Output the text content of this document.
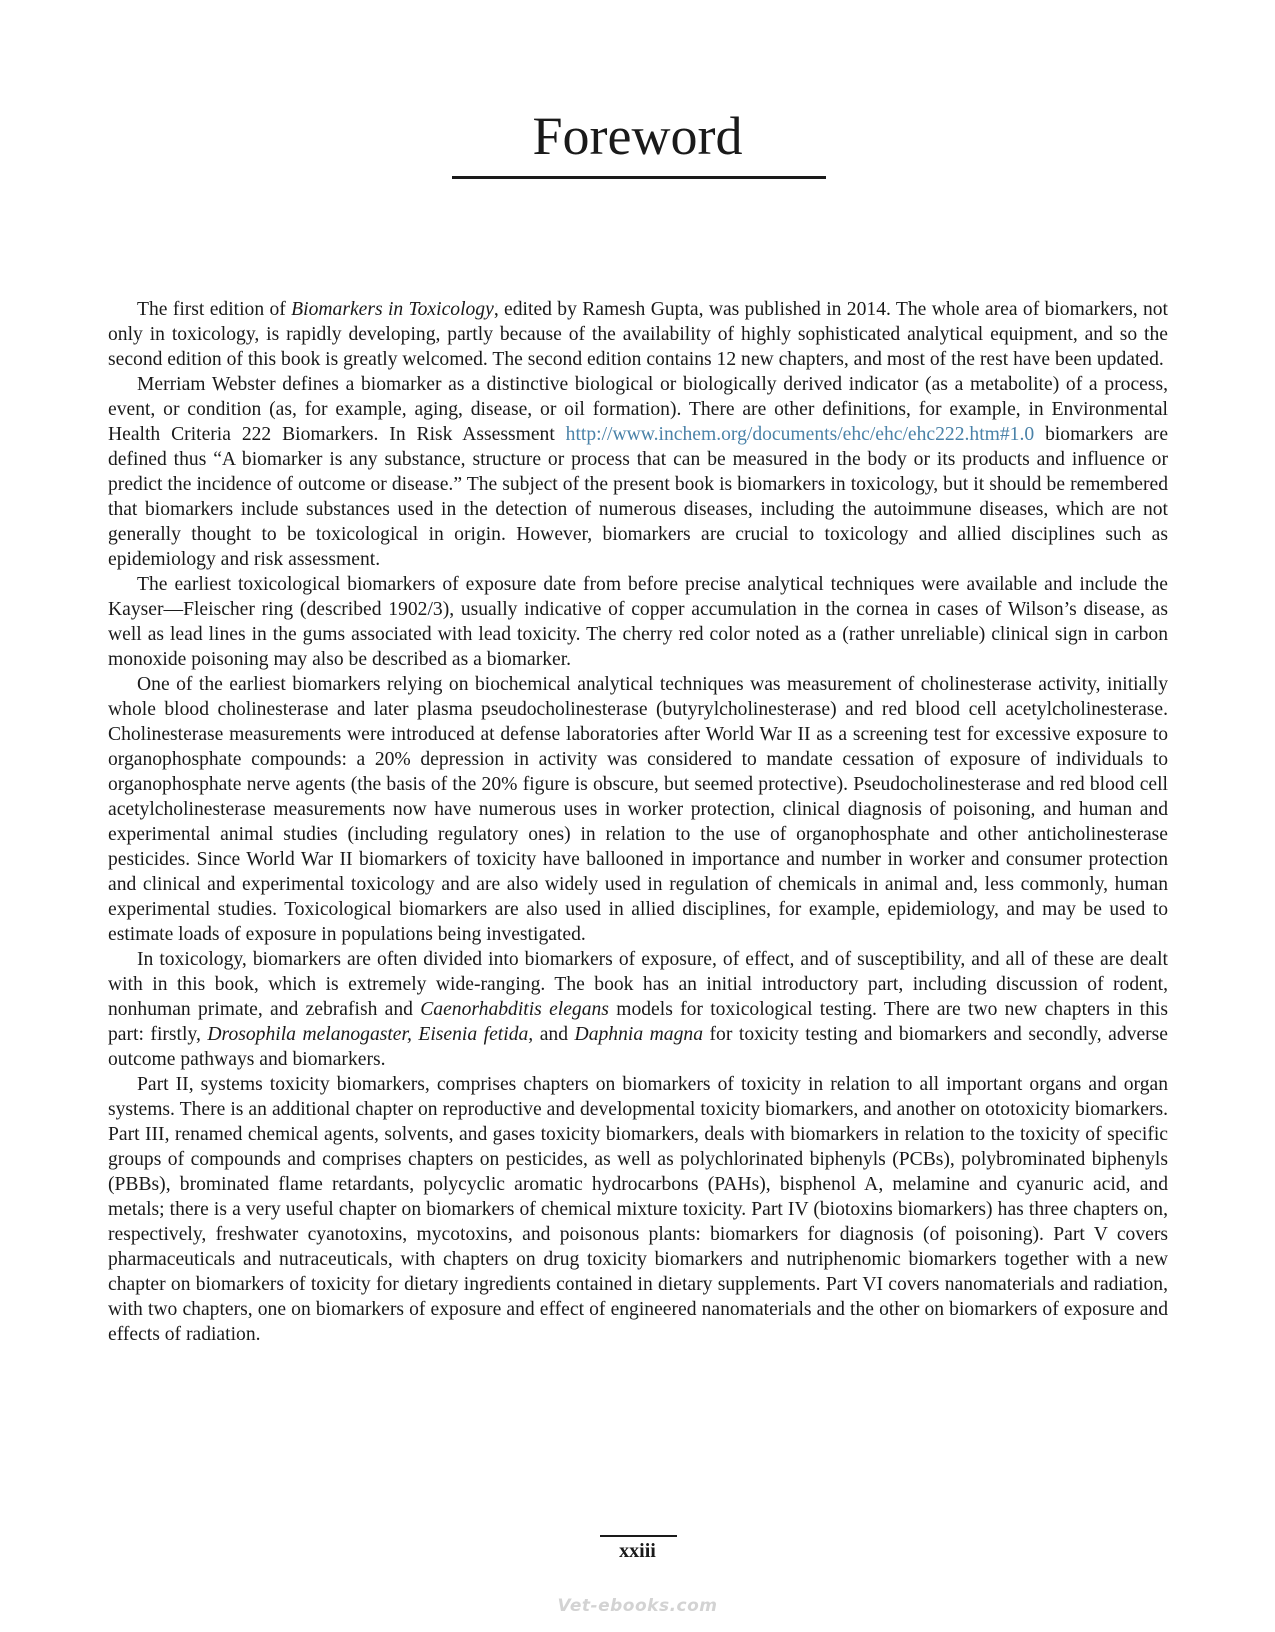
Foreword

The first edition of Biomarkers in Toxicology, edited by Ramesh Gupta, was published in 2014. The whole area of biomarkers, not only in toxicology, is rapidly developing, partly because of the availability of highly sophisticated analytical equipment, and so the second edition of this book is greatly welcomed. The second edition contains 12 new chapters, and most of the rest have been updated.

Merriam Webster defines a biomarker as a distinctive biological or biologically derived indicator (as a metabolite) of a process, event, or condition (as, for example, aging, disease, or oil formation). There are other definitions, for example, in Environmental Health Criteria 222 Biomarkers. In Risk Assessment http://www.inchem.org/documents/ehc/ehc/ehc222.htm#1.0 biomarkers are defined thus “A biomarker is any substance, structure or process that can be measured in the body or its products and influence or predict the incidence of outcome or disease.” The subject of the present book is biomarkers in toxicology, but it should be remembered that biomarkers include substances used in the detection of numerous diseases, including the autoimmune diseases, which are not generally thought to be toxicological in origin. However, biomarkers are crucial to toxicology and allied disciplines such as epidemiology and risk assessment.

The earliest toxicological biomarkers of exposure date from before precise analytical techniques were available and include the Kayser—Fleischer ring (described 1902/3), usually indicative of copper accumulation in the cornea in cases of Wilson’s disease, as well as lead lines in the gums associated with lead toxicity. The cherry red color noted as a (rather unreliable) clinical sign in carbon monoxide poisoning may also be described as a biomarker.

One of the earliest biomarkers relying on biochemical analytical techniques was measurement of cholinesterase activity, initially whole blood cholinesterase and later plasma pseudocholinesterase (butyrylcholinesterase) and red blood cell acetylcholinesterase. Cholinesterase measurements were introduced at defense laboratories after World War II as a screening test for excessive exposure to organophosphate compounds: a 20% depression in activity was considered to mandate cessation of exposure of individuals to organophosphate nerve agents (the basis of the 20% figure is obscure, but seemed protective). Pseudocholinesterase and red blood cell acetylcholinesterase measurements now have numerous uses in worker protection, clinical diagnosis of poisoning, and human and experimental animal studies (including regulatory ones) in relation to the use of organophosphate and other anticholinesterase pesticides. Since World War II biomarkers of toxicity have ballooned in importance and number in worker and consumer protection and clinical and experimental toxicology and are also widely used in regulation of chemicals in animal and, less commonly, human experimental studies. Toxicological biomarkers are also used in allied disciplines, for example, epidemiology, and may be used to estimate loads of exposure in populations being investigated.

In toxicology, biomarkers are often divided into biomarkers of exposure, of effect, and of susceptibility, and all of these are dealt with in this book, which is extremely wide-ranging. The book has an initial introductory part, including discussion of rodent, nonhuman primate, and zebrafish and Caenorhabditis elegans models for toxicological testing. There are two new chapters in this part: firstly, Drosophila melanogaster, Eisenia fetida, and Daphnia magna for toxicity testing and biomarkers and secondly, adverse outcome pathways and biomarkers.

Part II, systems toxicity biomarkers, comprises chapters on biomarkers of toxicity in relation to all important organs and organ systems. There is an additional chapter on reproductive and developmental toxicity biomarkers, and another on ototoxicity biomarkers. Part III, renamed chemical agents, solvents, and gases toxicity biomarkers, deals with biomarkers in relation to the toxicity of specific groups of compounds and comprises chapters on pesticides, as well as polychlorinated biphenyls (PCBs), polybrominated biphenyls (PBBs), brominated flame retardants, polycyclic aromatic hydrocarbons (PAHs), bisphenol A, melamine and cyanuric acid, and metals; there is a very useful chapter on biomarkers of chemical mixture toxicity. Part IV (biotoxins biomarkers) has three chapters on, respectively, freshwater cyanotoxins, mycotoxins, and poisonous plants: biomarkers for diagnosis (of poisoning). Part V covers pharmaceuticals and nutraceuticals, with chapters on drug toxicity biomarkers and nutriphenomic biomarkers together with a new chapter on biomarkers of toxicity for dietary ingredients contained in dietary supplements. Part VI covers nanomaterials and radiation, with two chapters, one on biomarkers of exposure and effect of engineered nanomaterials and the other on biomarkers of exposure and effects of radiation.

xxiii
Vet-ebooks.com
